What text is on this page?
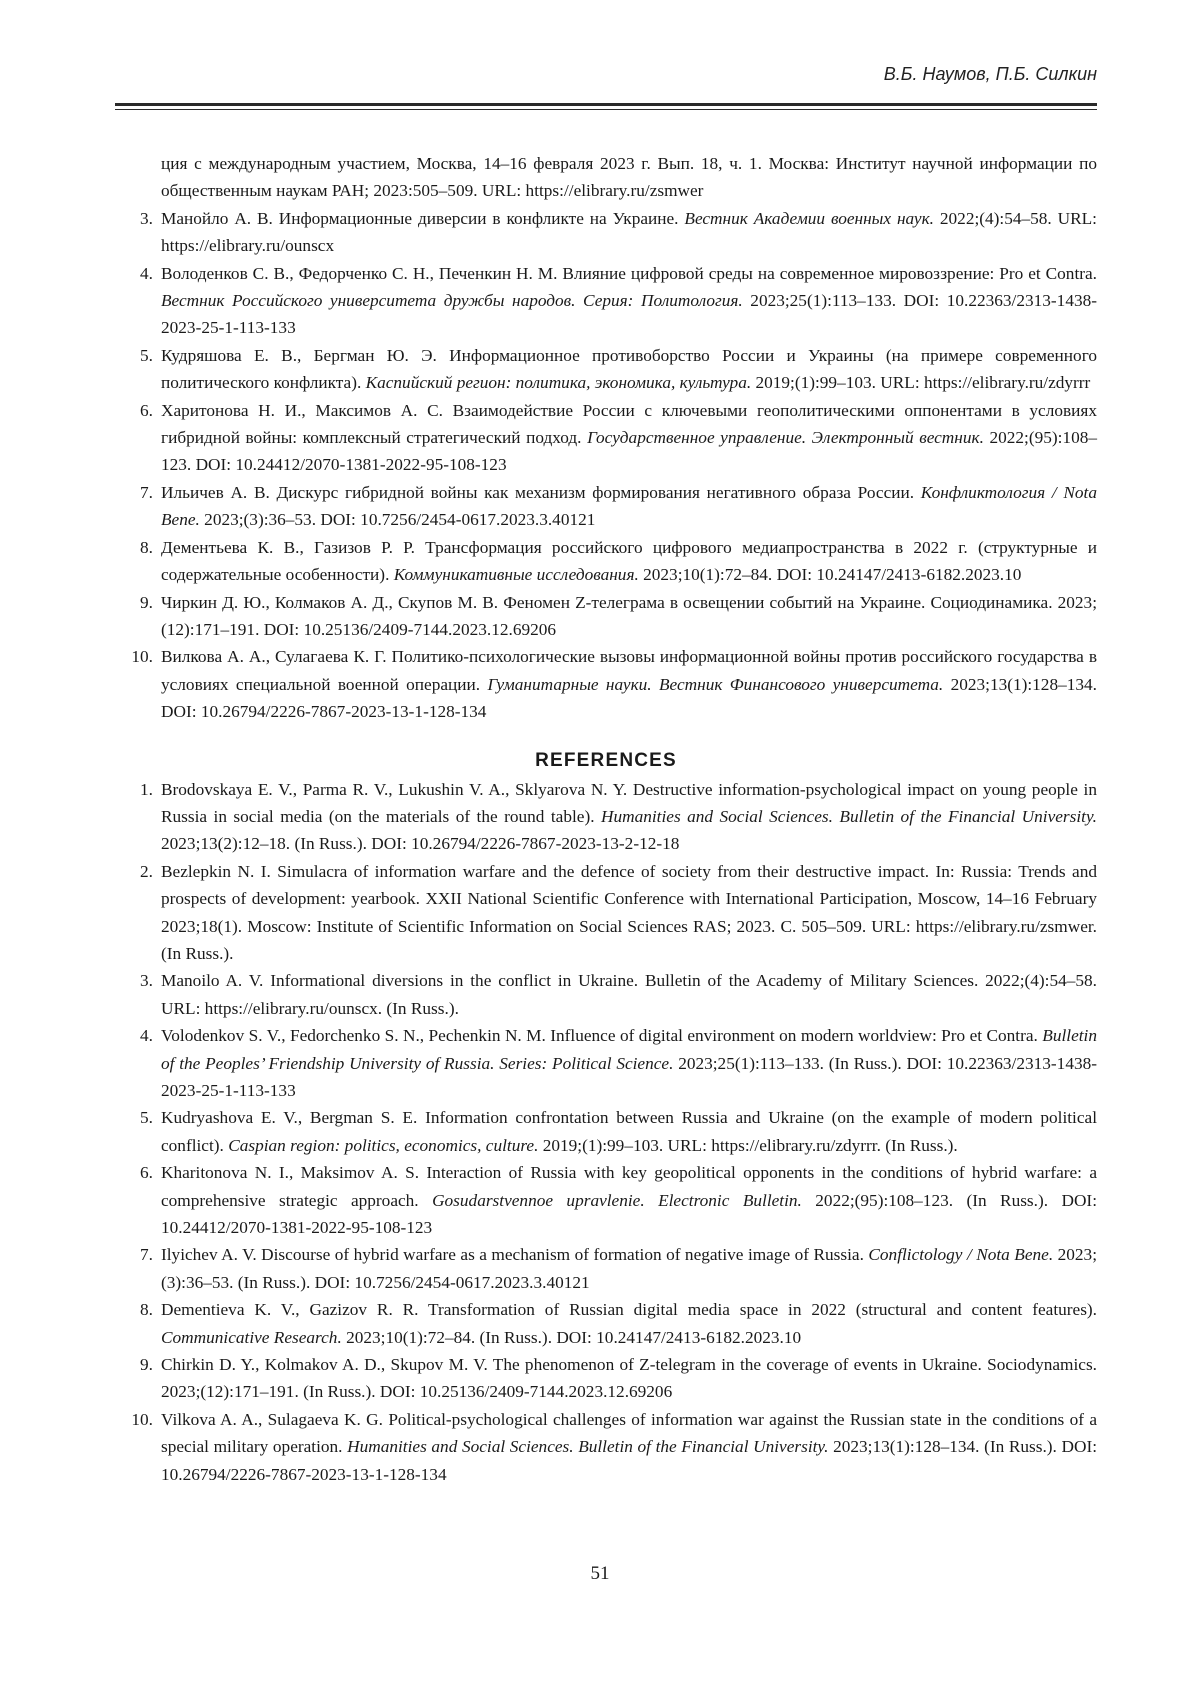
В.Б. Наумов, П.Б. Силкин
ция с международным участием, Москва, 14–16 февраля 2023 г. Вып. 18, ч. 1. Москва: Институт научной информации по общественным наукам РАН; 2023:505–509. URL: https://elibrary.ru/zsmwer
3. Манойло А. В. Информационные диверсии в конфликте на Украине. Вестник Академии военных наук. 2022;(4):54–58. URL: https://elibrary.ru/ounscx
4. Володенков С. В., Федорченко С. Н., Печенкин Н. М. Влияние цифровой среды на современное мировоззрение: Pro et Contra. Вестник Российского университета дружбы народов. Серия: Политология. 2023;25(1):113–133. DOI: 10.22363/2313-1438-2023-25-1-113-133
5. Кудряшова Е. В., Бергман Ю. Э. Информационное противоборство России и Украины (на примере современного политического конфликта). Каспийский регион: политика, экономика, культура. 2019;(1):99–103. URL: https://elibrary.ru/zdyrrr
6. Харитонова Н. И., Максимов А. С. Взаимодействие России с ключевыми геополитическими оппонентами в условиях гибридной войны: комплексный стратегический подход. Государственное управление. Электронный вестник. 2022;(95):108–123. DOI: 10.24412/2070-1381-2022-95-108-123
7. Ильичев А. В. Дискурс гибридной войны как механизм формирования негативного образа России. Конфликтология / Nota Bene. 2023;(3):36–53. DOI: 10.7256/2454-0617.2023.3.40121
8. Дементьева К. В., Газизов Р. Р. Трансформация российского цифрового медиапространства в 2022 г. (структурные и содержательные особенности). Коммуникативные исследования. 2023;10(1):72–84. DOI: 10.24147/2413-6182.2023.10
9. Чиркин Д. Ю., Колмаков А. Д., Скупов М. В. Феномен Z-телеграма в освещении событий на Украине. Социодинамика. 2023;(12):171–191. DOI: 10.25136/2409-7144.2023.12.69206
10. Вилкова А. А., Сулагаева К. Г. Политико-психологические вызовы информационной войны против российского государства в условиях специальной военной операции. Гуманитарные науки. Вестник Финансового университета. 2023;13(1):128–134. DOI: 10.26794/2226-7867-2023-13-1-128-134
REFERENCES
1. Brodovskaya E. V., Parma R. V., Lukushin V. A., Sklyarova N. Y. Destructive information-psychological impact on young people in Russia in social media (on the materials of the round table). Humanities and Social Sciences. Bulletin of the Financial University. 2023;13(2):12–18. (In Russ.). DOI: 10.26794/2226-7867-2023-13-2-12-18
2. Bezlepkin N. I. Simulacra of information warfare and the defence of society from their destructive impact. In: Russia: Trends and prospects of development: yearbook. XXII National Scientific Conference with International Participation, Moscow, 14–16 February 2023;18(1). Moscow: Institute of Scientific Information on Social Sciences RAS; 2023. С. 505–509. URL: https://elibrary.ru/zsmwer. (In Russ.).
3. Manoilo A. V. Informational diversions in the conflict in Ukraine. Bulletin of the Academy of Military Sciences. 2022;(4):54–58. URL: https://elibrary.ru/ounscx. (In Russ.).
4. Volodenkov S. V., Fedorchenko S. N., Pechenkin N. M. Influence of digital environment on modern worldview: Pro et Contra. Bulletin of the Peoples’ Friendship University of Russia. Series: Political Science. 2023;25(1):113–133. (In Russ.). DOI: 10.22363/2313-1438-2023-25-1-113-133
5. Kudryashova E. V., Bergman S. E. Information confrontation between Russia and Ukraine (on the example of modern political conflict). Caspian region: politics, economics, culture. 2019;(1):99–103. URL: https://elibrary.ru/zdyrrr. (In Russ.).
6. Kharitonova N. I., Maksimov A. S. Interaction of Russia with key geopolitical opponents in the conditions of hybrid warfare: a comprehensive strategic approach. Gosudarstvennoe upravlenie. Electronic Bulletin. 2022;(95):108–123. (In Russ.). DOI: 10.24412/2070-1381-2022-95-108-123
7. Ilyichev A. V. Discourse of hybrid warfare as a mechanism of formation of negative image of Russia. Conflictology / Nota Bene. 2023;(3):36–53. (In Russ.). DOI: 10.7256/2454-0617.2023.3.40121
8. Dementieva K. V., Gazizov R. R. Transformation of Russian digital media space in 2022 (structural and content features). Communicative Research. 2023;10(1):72–84. (In Russ.). DOI: 10.24147/2413-6182.2023.10
9. Chirkin D. Y., Kolmakov A. D., Skupov M. V. The phenomenon of Z-telegram in the coverage of events in Ukraine. Sociodynamics. 2023;(12):171–191. (In Russ.). DOI: 10.25136/2409-7144.2023.12.69206
10. Vilkova A. A., Sulagaeva K. G. Political-psychological challenges of information war against the Russian state in the conditions of a special military operation. Humanities and Social Sciences. Bulletin of the Financial University. 2023;13(1):128–134. (In Russ.). DOI: 10.26794/2226-7867-2023-13-1-128-134
51
